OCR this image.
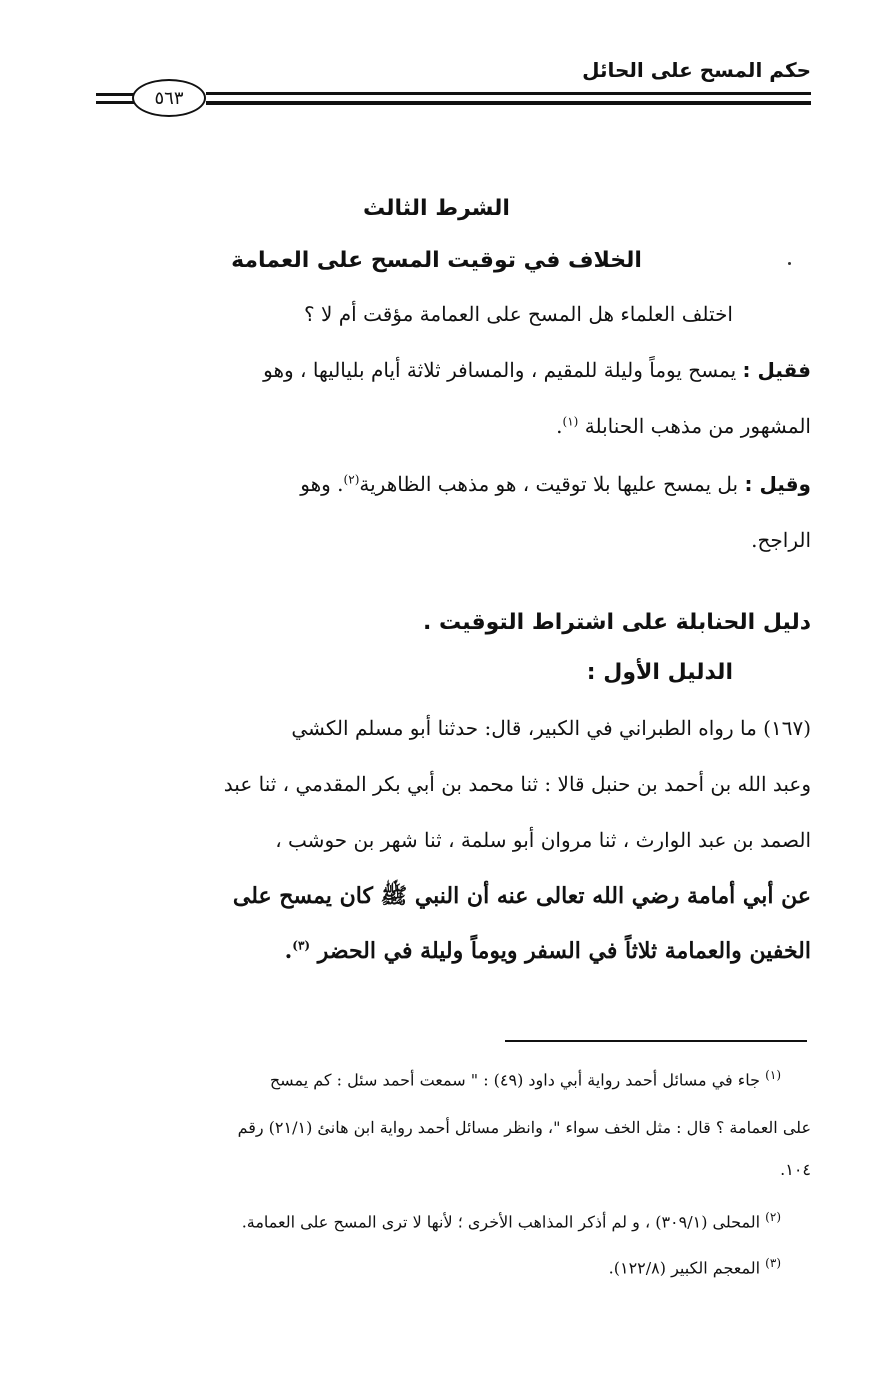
حكم المسح على الحائل
٥٦٣
الشرط الثالث
الخلاف في توقيت المسح على العمامة
اختلف العلماء هل المسح على العمامة مؤقت أم لا ؟
فقيل : يمسح يوماً وليلة للمقيم ، والمسافر ثلاثة أيام بلياليها ، وهو
المشهور من مذهب الحنابلة $^{(١)}$.
وقيل : بل يمسح عليها بلا توقيت ، هو مذهب الظاهرية$^{(٢)}$. وهو
الراجح.
دليل الحنابلة على اشتراط التوقيت .
الدليل الأول :
(١٦٧) ما رواه الطبراني في الكبير، قال: حدثنا أبو مسلم الكشي
وعبد الله بن أحمد بن حنبل قالا : ثنا محمد بن أبي بكر المقدمي ، ثنا عبد
الصمد بن عبد الوارث ، ثنا مروان أبو سلمة ، ثنا شهر بن حوشب ،
عن أبي أمامة رضي الله تعالى عنه أن النبي ﷺ كان يمسح على
الخفين والعمامة ثلاثاً في السفر ويوماً وليلة في الحضر $^{(٣)}$.
$^{(١)}$ جاء في مسائل أحمد رواية أبي داود (٤٩) : " سمعت أحمد سئل : كم يمسح
على العمامة ؟ قال : مثل الخف سواء "، وانظر مسائل أحمد رواية ابن هانئ (٢١/١) رقم
١٠٤.
$^{(٢)}$ المحلى (٣٠٩/١) ، و لم أذكر المذاهب الأخرى ؛ لأنها لا ترى المسح على العمامة.
$^{(٣)}$ المعجم الكبير (١٢٢/٨).
